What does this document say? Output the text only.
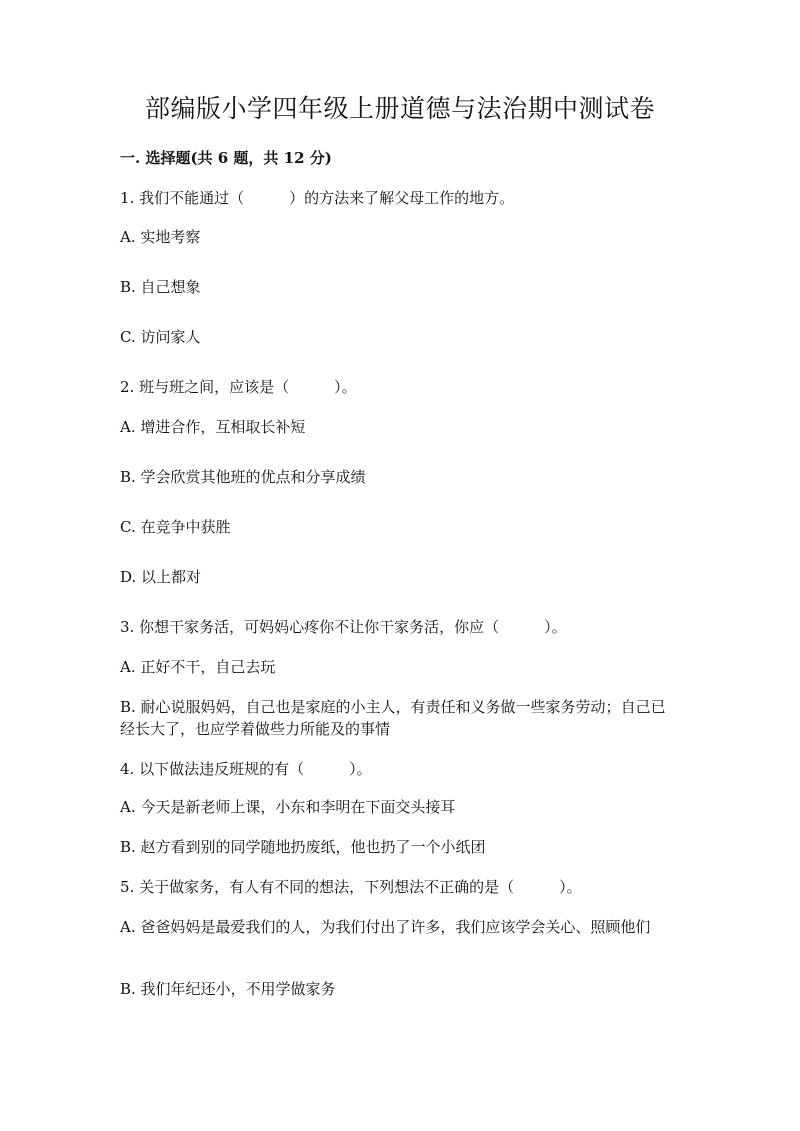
部编版小学四年级上册道德与法治期中测试卷
一. 选择题(共 6 题，共 12 分)
1. 我们不能通过（　　　）的方法来了解父母工作的地方。
A. 实地考察
B. 自己想象
C. 访问家人
2. 班与班之间，应该是（　　　）。
A. 增进合作，互相取长补短
B. 学会欣赏其他班的优点和分享成绩
C. 在竞争中获胜
D. 以上都对
3. 你想干家务活，可妈妈心疼你不让你干家务活，你应（　　　）。
A. 正好不干，自己去玩
B. 耐心说服妈妈，自己也是家庭的小主人，有责任和义务做一些家务劳动；自己已经长大了，也应学着做些力所能及的事情
4. 以下做法违反班规的有（　　　）。
A. 今天是新老师上课，小东和李明在下面交头接耳
B. 赵方看到别的同学随地扔废纸，他也扔了一个小纸团
5. 关于做家务，有人有不同的想法，下列想法不正确的是（　　　）。
A. 爸爸妈妈是最爱我们的人，为我们付出了许多，我们应该学会关心、照顾他们
B. 我们年纪还小，不用学做家务
